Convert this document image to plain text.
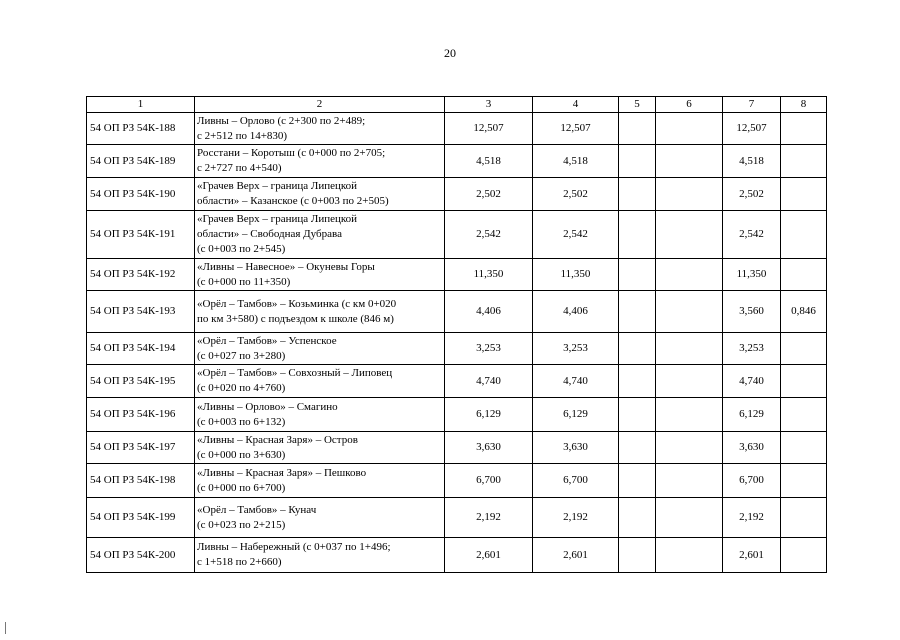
20
1	2	3	4	5	6	7	8
54 ОП РЗ 54К-188	Ливны – Орлово (с 2+300 по 2+489;
с 2+512 по 14+830)	12,507	12,507			12,507	
54 ОП РЗ 54К-189	Росстани – Коротыш (с 0+000 по 2+705;
с 2+727 по 4+540)	4,518	4,518			4,518	
54 ОП РЗ 54К-190	«Грачев Верх – граница Липецкой
области» – Казанское (с 0+003 по 2+505)	2,502	2,502			2,502	
54 ОП РЗ 54К-191	«Грачев Верх – граница Липецкой
области» – Свободная Дубрава
(с 0+003 по 2+545)	2,542	2,542			2,542	
54 ОП РЗ 54К-192	«Ливны – Навесное» – Окуневы Горы
(с 0+000 по 11+350)	11,350	11,350			11,350	
54 ОП РЗ 54К-193	«Орёл – Тамбов» – Козьминка (с км 0+020
по км 3+580) с подъездом к школе (846 м)	4,406	4,406			3,560	0,846
54 ОП РЗ 54К-194	«Орёл – Тамбов» – Успенское
(с 0+027 по 3+280)	3,253	3,253			3,253	
54 ОП РЗ 54К-195	«Орёл – Тамбов» – Совхозный – Липовец
(с 0+020 по 4+760)	4,740	4,740			4,740	
54 ОП РЗ 54К-196	«Ливны – Орлово» – Смагино
(с 0+003 по 6+132)	6,129	6,129			6,129	
54 ОП РЗ 54К-197	«Ливны – Красная Заря» – Остров
(с 0+000 по 3+630)	3,630	3,630			3,630	
54 ОП РЗ 54К-198	«Ливны – Красная Заря» – Пешково
(с 0+000 по 6+700)	6,700	6,700			6,700	
54 ОП РЗ 54К-199	«Орёл – Тамбов» – Кунач
(с 0+023 по 2+215)	2,192	2,192			2,192	
54 ОП РЗ 54К-200	Ливны – Набережный (с 0+037 по 1+496;
с 1+518 по 2+660)	2,601	2,601			2,601	
